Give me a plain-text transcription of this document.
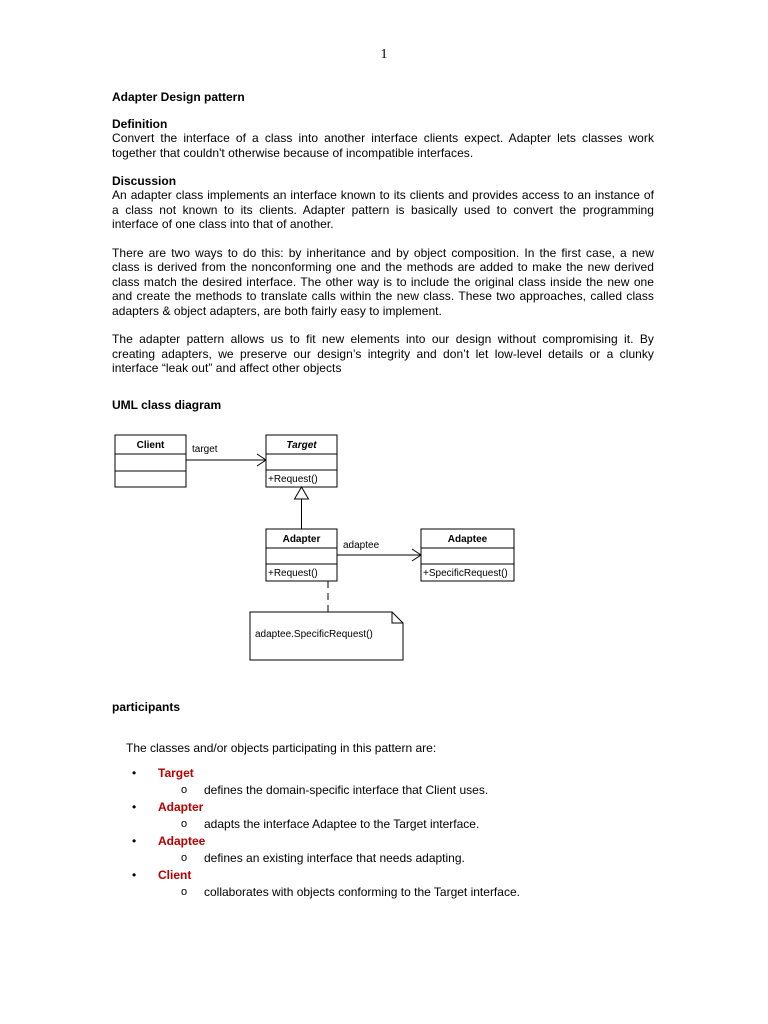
1

Adapter Design pattern

Definition

Convert the interface of a class into another interface clients expect. Adapter lets classes work together that couldn't otherwise because of incompatible interfaces.

Discussion

An adapter class implements an interface known to its clients and provides access to an instance of a class not known to its clients. Adapter pattern is basically used to convert the programming interface of one class into that of another.

There are two ways to do this: by inheritance and by object composition. In the first case, a new class is derived from the nonconforming one and the methods are added to make the new derived class match the desired interface. The other way is to include the original class inside the new one and create the methods to translate calls within the new class. These two approaches, called class adapters & object adapters, are both fairly easy to implement.

The adapter pattern allows us to fit new elements into our design without compromising it. By creating adapters, we preserve our design’s integrity and don’t let low-level details or a clunky interface “leak out” and affect other objects

UML class diagram

Client	target	Target
+Request()
Adapter
+Request()
adaptee
Adaptee
+SpecificRequest()
adaptee.SpecificRequest()
participants
The classes and/or objects participating in this pattern are:
• Target
o defines the domain-specific interface that Client uses.
• Adapter
o adapts the interface Adaptee to the Target interface.
• Adaptee
o defines an existing interface that needs adapting.
• Client
o collaborates with objects conforming to the Target interface.
